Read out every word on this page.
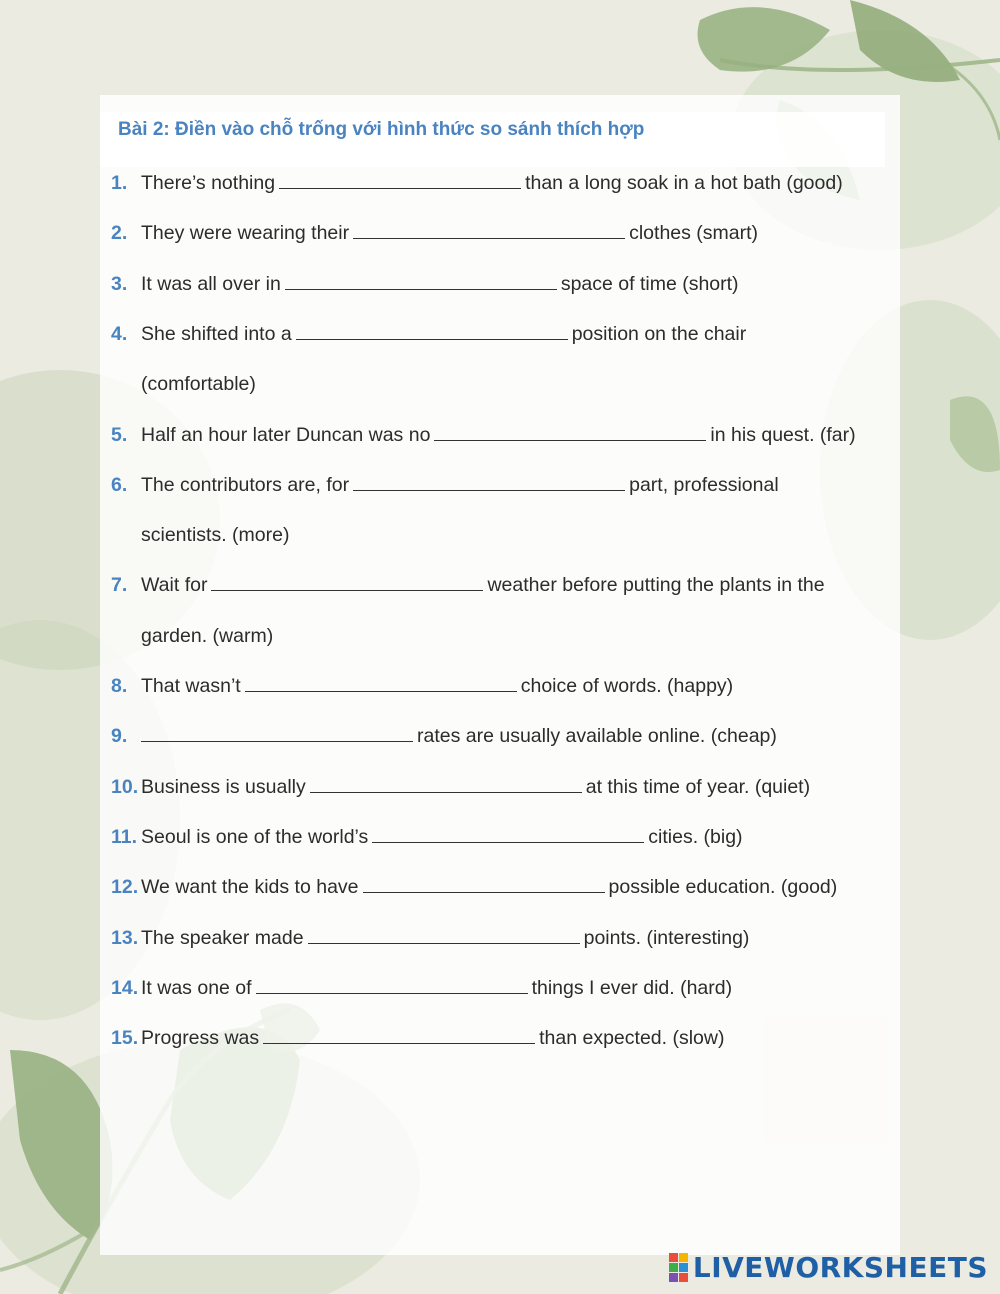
Bài 2: Điền vào chỗ trống với hình thức so sánh thích hợp
1. There’s nothing	than a long soak in a hot bath (good)
2. They were wearing their	clothes (smart)
3. It was all over in	space of time (short)
4. She shifted into a	position on the chair
(comfortable)
5. Half an hour later Duncan was no	in his quest. (far)
6. The contributors are, for	part, professional
scientists. (more)
7. Wait for	weather before putting the plants in the
garden. (warm)
8. That wasn’t	choice of words. (happy)
9.	rates are usually available online. (cheap)
10. Business is usually	at this time of year. (quiet)
11. Seoul is one of the world’s	cities. (big)
12. We want the kids to have	possible education. (good)
13. The speaker made	points. (interesting)
14. It was one of	things I ever did. (hard)
15. Progress was	than expected. (slow)
LIVEWORKSHEETS
